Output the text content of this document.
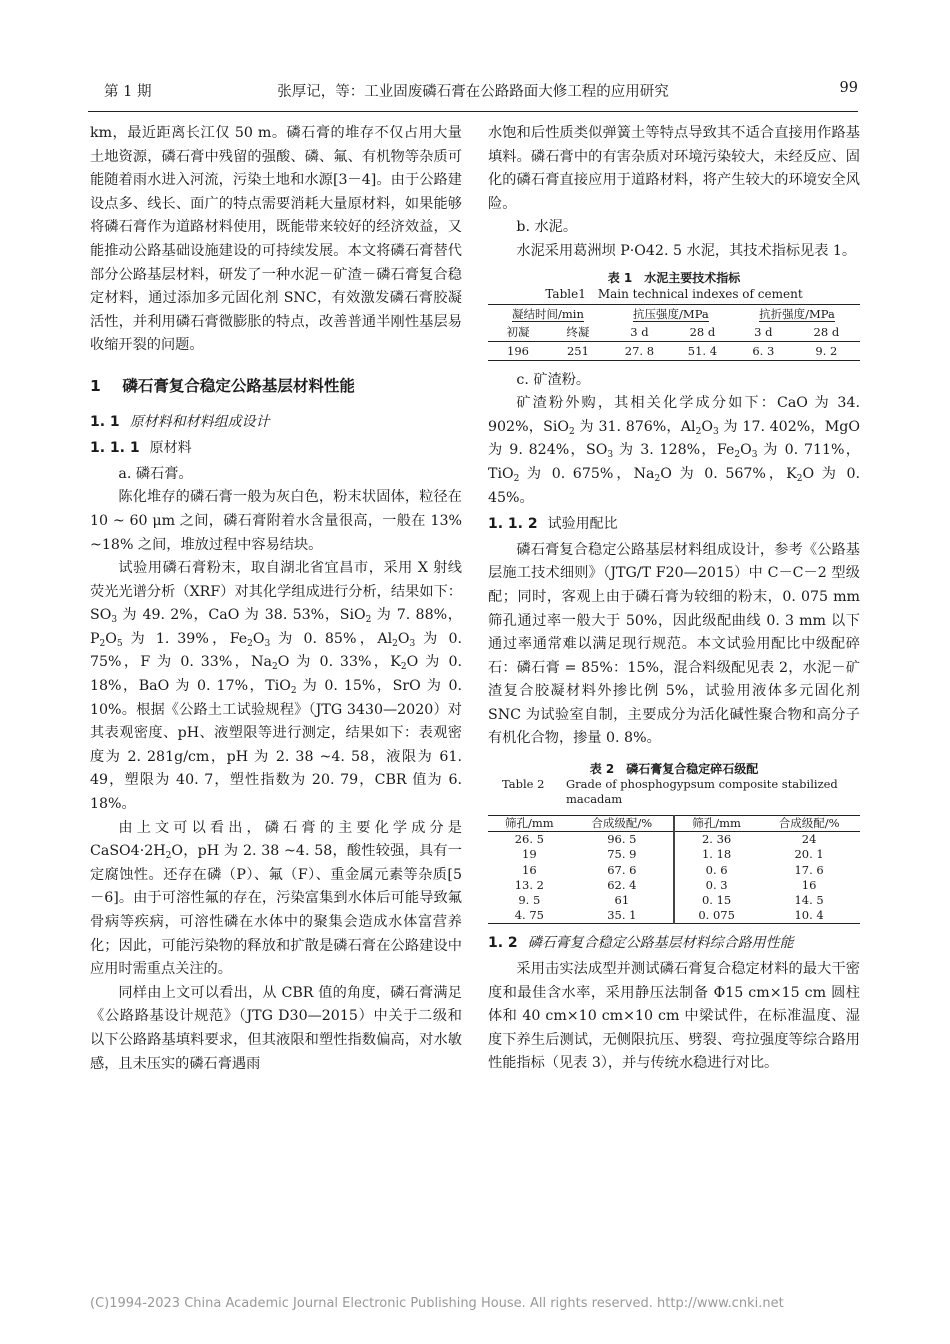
第 1 期	张厚记，等：工业固废磷石膏在公路路面大修工程的应用研究	99

km，最近距离长江仅 50 m。磷石膏的堆存不仅占用大量土地资源，磷石膏中残留的强酸、磷、氟、有机物等杂质可能随着雨水进入河流，污染土地和水源[3－4]。由于公路建设点多、线长、面广的特点需要消耗大量原材料，如果能够将磷石膏作为道路材料使用，既能带来较好的经济效益，又能推动公路基础设施建设的可持续发展。本文将磷石膏替代部分公路基层材料，研发了一种水泥－矿渣－磷石膏复合稳定材料，通过添加多元固化剂 SNC，有效激发磷石膏胶凝活性，并利用磷石膏微膨胀的特点，改善普通半刚性基层易收缩开裂的问题。

1 磷石膏复合稳定公路基层材料性能
1. 1 原材料和材料组成设计
1. 1. 1 原材料
a. 磷石膏。

陈化堆存的磷石膏一般为灰白色，粉末状固体，粒径在 10 ~ 60 μm 之间，磷石膏附着水含量很高，一般在 13% ~18% 之间，堆放过程中容易结块。

试验用磷石膏粉末，取自湖北省宜昌市，采用 X 射线荧光光谱分析（XRF）对其化学组成进行分析，结果如下：$SO_3$ 为 49. 2%，CaO 为 38. 53%，SiO$_2$ 为 7. 88%，$P_2O_5$ 为 1. 39%，$Fe_2O_3$ 为 0. 85%，$Al_2O_3$ 为 0. 75%，F 为 0. 33%，$Na_2O$ 为 0. 33%，$K_2O$ 为 0. 18%，BaO 为 0. 17%，TiO$_2$ 为 0. 15%，SrO 为 0. 10%。根据《公路土工试验规程》（JTG 3430—2020）对其表观密度、pH、液塑限等进行测定，结果如下：表观密度为 2. 281g/cm，pH 为 2. 38 ~4. 58，液限为 61. 49，塑限为 40. 7，塑性指数为 20. 79，CBR 值为 6. 18%。

由上文可以看出，磷石膏的主要化学成分是 $CaSO4\cdot 2H_2O$，pH 为 2. 38 ~4. 58，酸性较强，具有一定腐蚀性。还存在磷（P）、氟（F）、重金属元素等杂质[5－6]。由于可溶性氟的存在，污染富集到水体后可能导致氟骨病等疾病，可溶性磷在水体中的聚集会造成水体富营养化；因此，可能污染物的释放和扩散是磷石膏在公路建设中应用时需重点关注的。

同样由上文可以看出，从 CBR 值的角度，磷石膏满足《公路路基设计规范》（JTG D30—2015）中关于二级和以下公路路基填料要求，但其液限和塑性指数偏高，对水敏感，且未压实的磷石膏遇雨

水饱和后性质类似弹簧土等特点导致其不适合直接用作路基填料。磷石膏中的有害杂质对环境污染较大，未经反应、固化的磷石膏直接应用于道路材料，将产生较大的环境安全风险。

b. 水泥。

水泥采用葛洲坝 P·O42. 5 水泥，其技术指标见表 1。

表 1　水泥主要技术指标
Table1　Main technical indexes of cement
凝结时间/min		抗压强度/MPa		抗折强度/MPa	
初凝	终凝	3 d	28 d	3 d	28 d
196	251	27. 8	51. 4	6. 3	9. 2
c. 矿渣粉。

矿渣粉外购，其相关化学成分如下：CaO 为 34. 902%，SiO$_2$ 为 31. 876%，$Al_2O_3$ 为 17. 402%，MgO 为 9. 824%，$SO_3$ 为 3. 128%，$Fe_2O_3$ 为 0. 711%，TiO$_2$ 为 0. 675%，$Na_2O$ 为 0. 567%，$K_2O$ 为 0. 45%。

1. 1. 2 试验用配比

磷石膏复合稳定公路基层材料组成设计，参考《公路基层施工技术细则》（JTG/T F20—2015）中 C－C－2 型级配；同时，客观上由于磷石膏为较细的粉末，0. 075 mm 筛孔通过率一般大于 50%，因此级配曲线 0. 3 mm 以下通过率通常难以满足现行规范。本文试验用配比中级配碎石：磷石膏 = 85%：15%，混合料级配见表 2，水泥－矿渣复合胶凝材料外掺比例 5%，试验用液体多元固化剂 SNC 为试验室自制，主要成分为活化碱性聚合物和高分子有机化合物，掺量 0. 8%。

表 2　磷石膏复合稳定碎石级配
Table 2	Grade of phosphogypsum composite stabilized macadam
筛孔/mm	合成级配/%	筛孔/mm	合成级配/%
26. 5	96. 5	2. 36	24
19	75. 9	1. 18	20. 1
16	67. 6	0. 6	17. 6
13. 2	62. 4	0. 3	16
9. 5	61	0. 15	14. 5
4. 75	35. 1	0. 075	10. 4
1. 2 磷石膏复合稳定公路基层材料综合路用性能

采用击实法成型并测试磷石膏复合稳定材料的最大干密度和最佳含水率，采用静压法制备 Φ15 cm×15 cm 圆柱体和 40 cm×10 cm×10 cm 中梁试件，在标准温度、湿度下养生后测试，无侧限抗压、劈裂、弯拉强度等综合路用性能指标（见表 3），并与传统水稳进行对比。

(C)1994-2023 China Academic Journal Electronic Publishing House. All rights reserved. http://www.cnki.net
